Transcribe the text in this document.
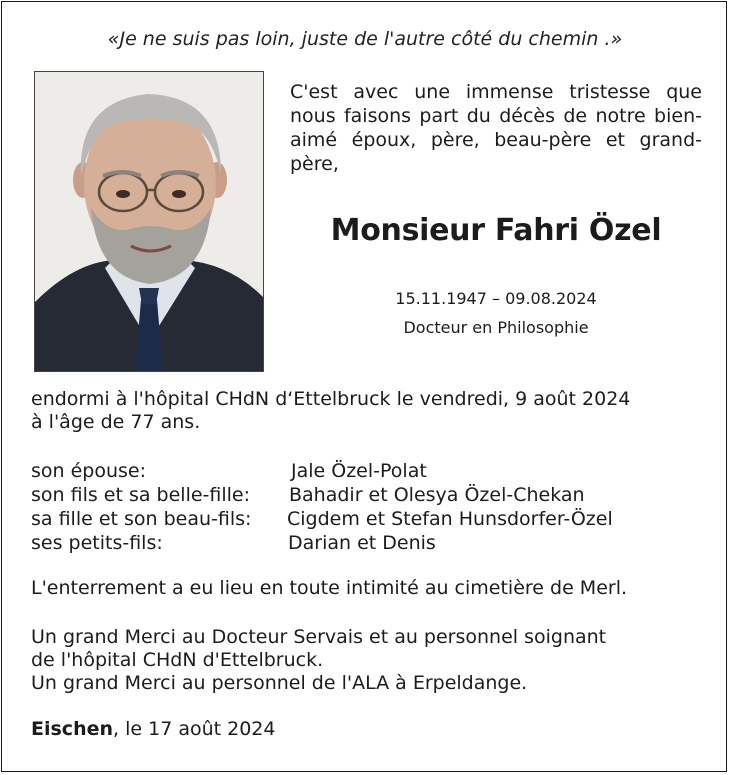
«Je ne suis pas loin, juste de l'autre côté du chemin .»
C'est avec une immense tristesse que nous faisons part du décès de notre bien-aimé époux, père, beau-père et grand-père,
Monsieur Fahri Özel
15.11.1947 – 09.08.2024
Docteur en Philosophie
endormi à l'hôpital CHdN d‘Ettelbruck le vendredi, 9 août 2024
à l'âge de 77 ans.
son épouse:	Jale Özel-Polat
son fils et sa belle-fille: Bahadir et Olesya Özel-Chekan
sa fille et son beau-fils: Cigdem et Stefan Hunsdorfer-Özel
ses petits-fils:	Darian et Denis
L'enterrement a eu lieu en toute intimité au cimetière de Merl.
Un grand Merci au Docteur Servais et au personnel soignant
de l'hôpital CHdN d'Ettelbruck.
Un grand Merci au personnel de l'ALA à Erpeldange.
Eischen, le 17 août 2024
